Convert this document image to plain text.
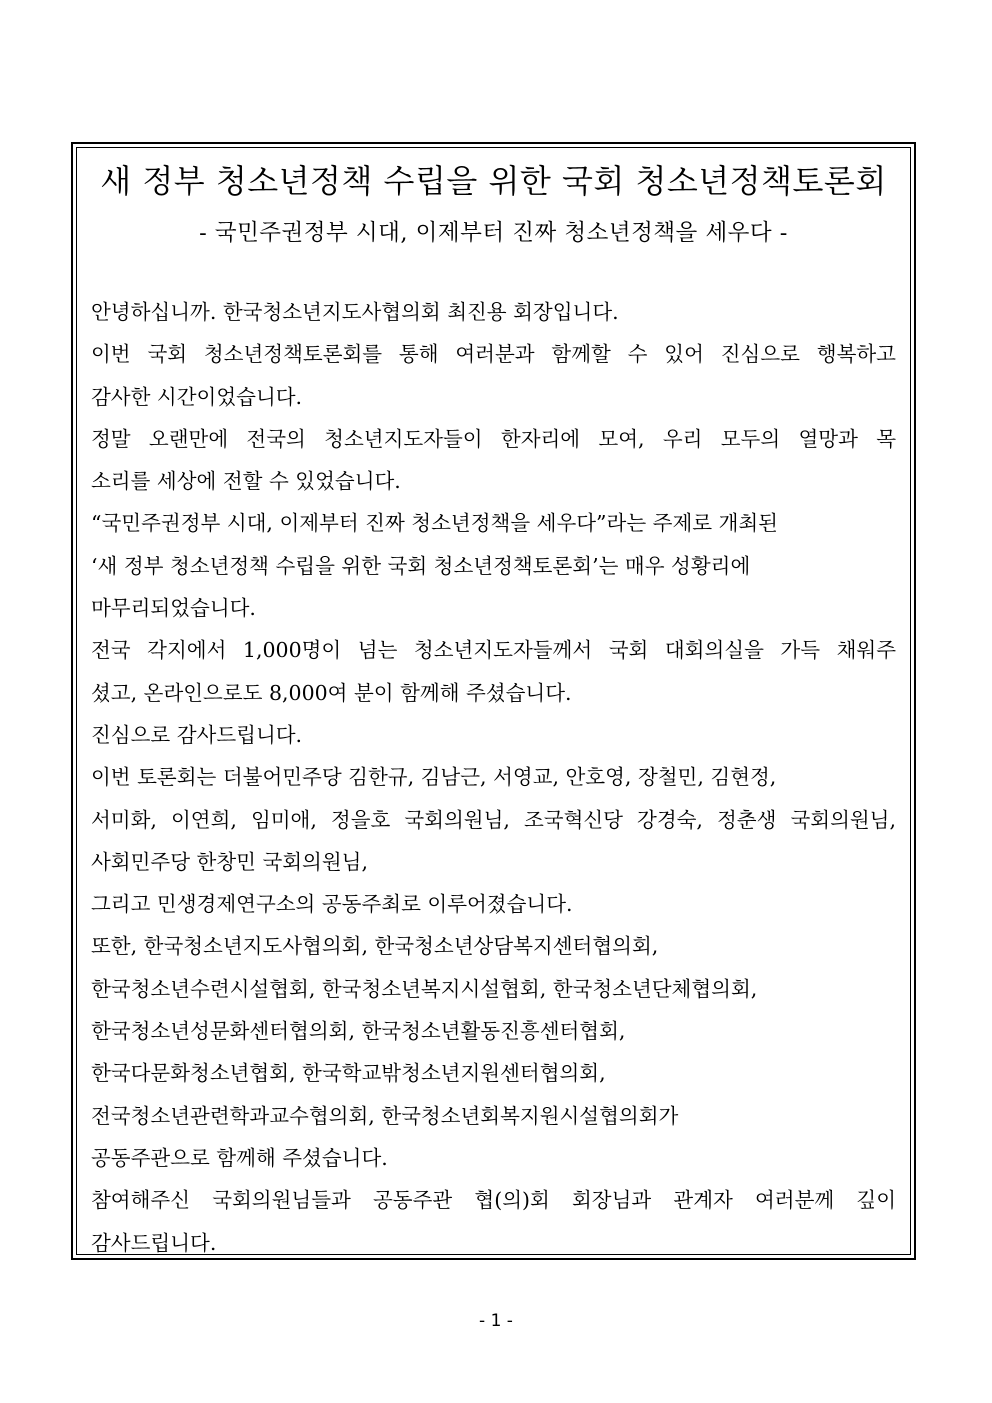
새 정부 청소년정책 수립을 위한 국회 청소년정책토론회
- 국민주권정부 시대, 이제부터 진짜 청소년정책을 세우다 -
안녕하십니까. 한국청소년지도사협의회 최진용 회장입니다.
이번 국회 청소년정책토론회를 통해 여러분과 함께할 수 있어 진심으로 행복하고
감사한 시간이었습니다.
정말 오랜만에 전국의 청소년지도자들이 한자리에 모여, 우리 모두의 열망과 목
소리를 세상에 전할 수 있었습니다.
“국민주권정부 시대, 이제부터 진짜 청소년정책을 세우다”라는 주제로 개최된
‘새 정부 청소년정책 수립을 위한 국회 청소년정책토론회’는 매우 성황리에
마무리되었습니다.
전국 각지에서 1,000명이 넘는 청소년지도자들께서 국회 대회의실을 가득 채워주
셨고, 온라인으로도 8,000여 분이 함께해 주셨습니다.
진심으로 감사드립니다.
이번 토론회는 더불어민주당 김한규, 김남근, 서영교, 안호영, 장철민, 김현정,
서미화, 이연희, 임미애, 정을호 국회의원님, 조국혁신당 강경숙, 정춘생 국회의원님,
사회민주당 한창민 국회의원님,
그리고 민생경제연구소의 공동주최로 이루어졌습니다.
또한, 한국청소년지도사협의회, 한국청소년상담복지센터협의회,
한국청소년수련시설협회, 한국청소년복지시설협회, 한국청소년단체협의회,
한국청소년성문화센터협의회, 한국청소년활동진흥센터협회,
한국다문화청소년협회, 한국학교밖청소년지원센터협의회,
전국청소년관련학과교수협의회, 한국청소년회복지원시설협의회가
공동주관으로 함께해 주셨습니다.
참여해주신 국회의원님들과 공동주관 협(의)회 회장님과 관계자 여러분께 깊이
감사드립니다.
- 1 -
